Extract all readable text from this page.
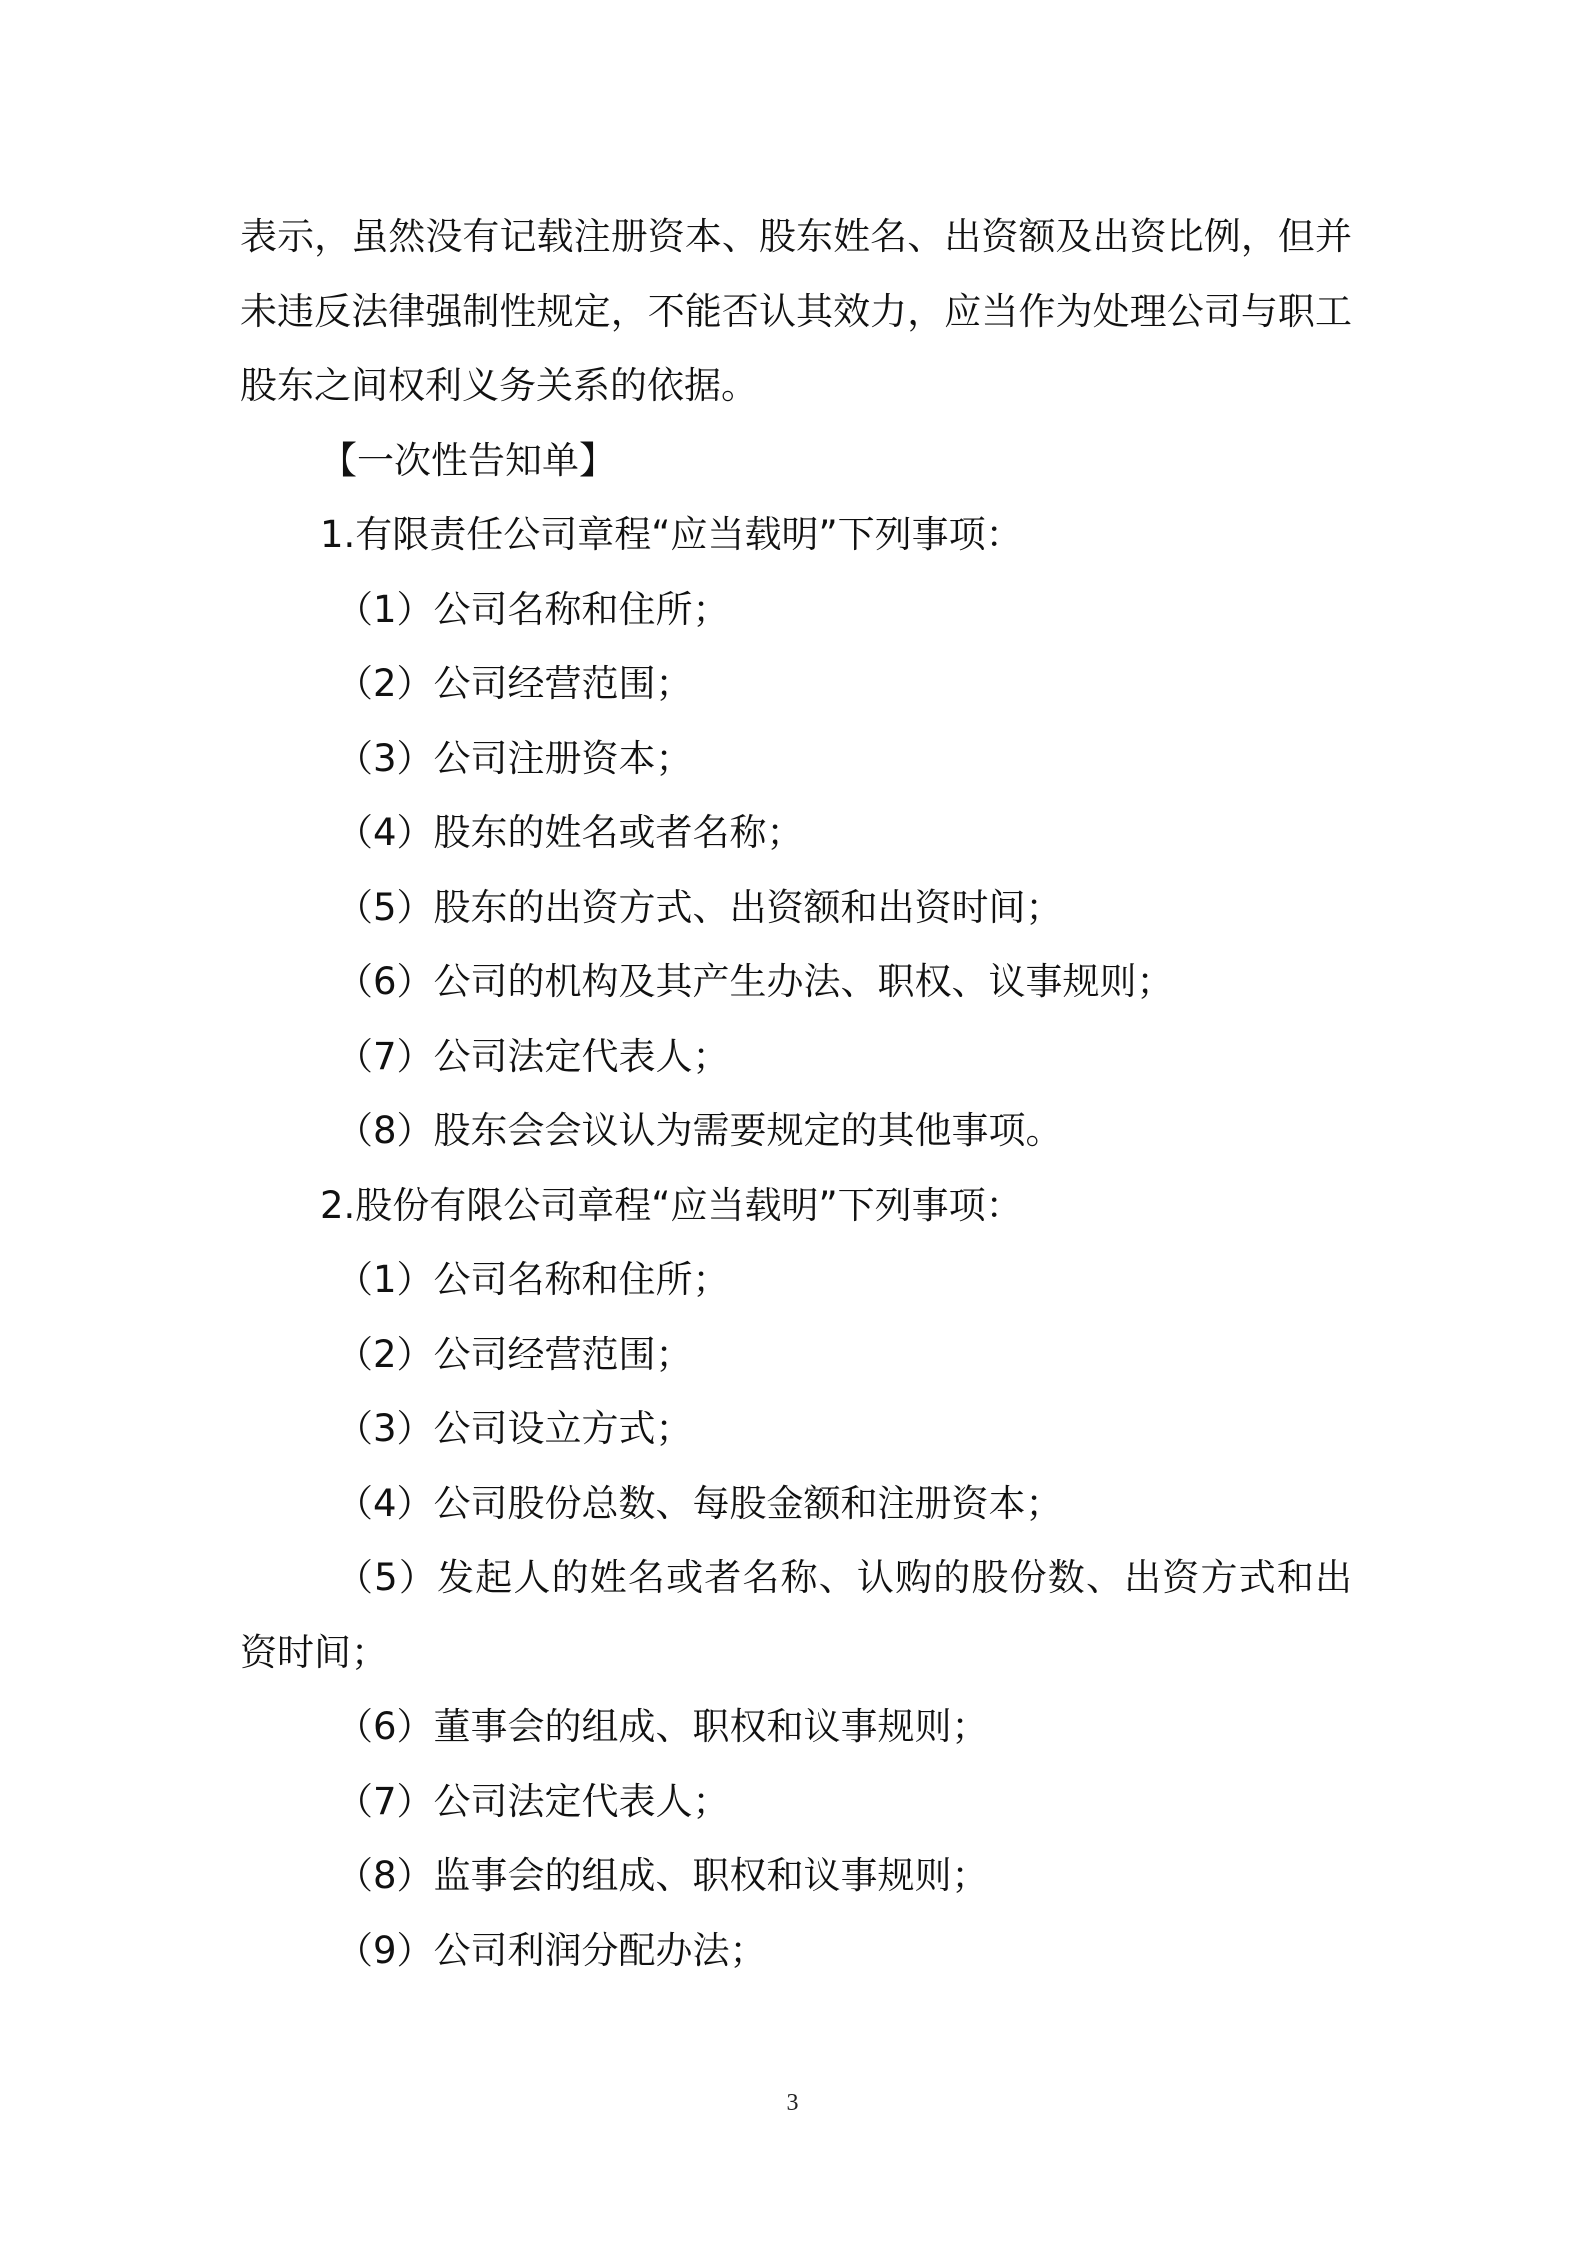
表示，虽然没有记载注册资本、股东姓名、出资额及出资比例，但并未违反法律强制性规定，不能否认其效力，应当作为处理公司与职工股东之间权利义务关系的依据。

【一次性告知单】

1.有限责任公司章程“应当载明”下列事项：

（1）公司名称和住所；

（2）公司经营范围；

（3）公司注册资本；

（4）股东的姓名或者名称；

（5）股东的出资方式、出资额和出资时间；

（6）公司的机构及其产生办法、职权、议事规则；

（7）公司法定代表人；

（8）股东会会议认为需要规定的其他事项。

2.股份有限公司章程“应当载明”下列事项：

（1）公司名称和住所；

（2）公司经营范围；

（3）公司设立方式；

（4）公司股份总数、每股金额和注册资本；

（5）发起人的姓名或者名称、认购的股份数、出资方式和出资时间；

（6）董事会的组成、职权和议事规则；

（7）公司法定代表人；

（8）监事会的组成、职权和议事规则；

（9）公司利润分配办法；

3
